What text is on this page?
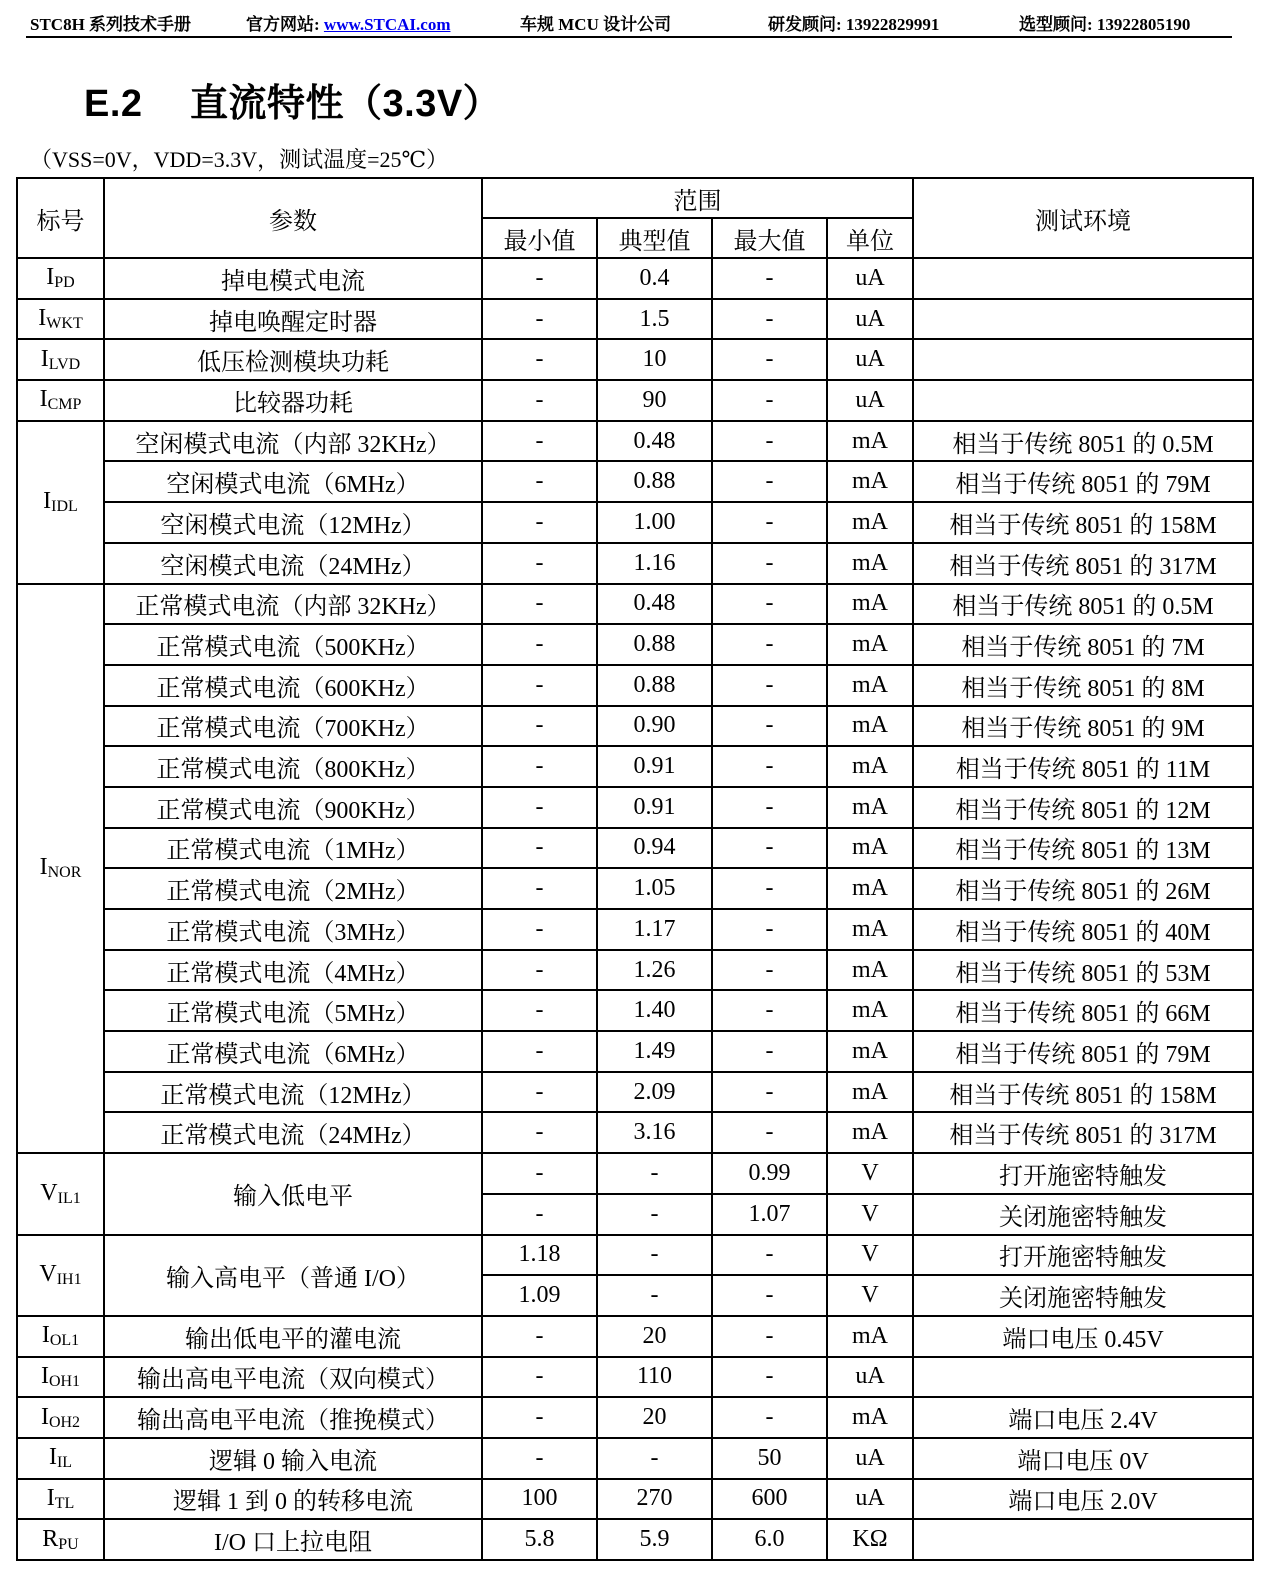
STC8H 系列技术手册	官方网站: www.STCAI.com	车规 MCU 设计公司	研发顾问: 13922829991	选型顾问: 13922805190
E.2 直流特性（3.3V）
（VSS=0V，VDD=3.3V，测试温度=25℃）
标号	参数	范围				测试环境
		最小值	典型值	最大值	单位	
$I_{PD}$	掉电模式电流	-	0.4	-	uA	
$I_{WKT}$	掉电唤醒定时器	-	1.5	-	uA	
$I_{LVD}$	低压检测模块功耗	-	10	-	uA	
$I_{CMP}$	比较器功耗	-	90	-	uA	
$I_{IDL}$	空闲模式电流（内部 32KHz）	-	0.48	-	mA	相当于传统 8051 的 0.5M
	空闲模式电流（6MHz）	-	0.88	-	mA	相当于传统 8051 的 79M
	空闲模式电流（12MHz）	-	1.00	-	mA	相当于传统 8051 的 158M
	空闲模式电流（24MHz）	-	1.16	-	mA	相当于传统 8051 的 317M
$I_{NOR}$	正常模式电流（内部 32KHz）	-	0.48	-	mA	相当于传统 8051 的 0.5M
	正常模式电流（500KHz）	-	0.88	-	mA	相当于传统 8051 的 7M
	正常模式电流（600KHz）	-	0.88	-	mA	相当于传统 8051 的 8M
	正常模式电流（700KHz）	-	0.90	-	mA	相当于传统 8051 的 9M
	正常模式电流（800KHz）	-	0.91	-	mA	相当于传统 8051 的 11M
	正常模式电流（900KHz）	-	0.91	-	mA	相当于传统 8051 的 12M
	正常模式电流（1MHz）	-	0.94	-	mA	相当于传统 8051 的 13M
	正常模式电流（2MHz）	-	1.05	-	mA	相当于传统 8051 的 26M
	正常模式电流（3MHz）	-	1.17	-	mA	相当于传统 8051 的 40M
	正常模式电流（4MHz）	-	1.26	-	mA	相当于传统 8051 的 53M
	正常模式电流（5MHz）	-	1.40	-	mA	相当于传统 8051 的 66M
	正常模式电流（6MHz）	-	1.49	-	mA	相当于传统 8051 的 79M
	正常模式电流（12MHz）	-	2.09	-	mA	相当于传统 8051 的 158M
	正常模式电流（24MHz）	-	3.16	-	mA	相当于传统 8051 的 317M
$V_{IL1}$	输入低电平	-	-	0.99	V	打开施密特触发
		-	-	1.07	V	关闭施密特触发
$V_{IH1}$	输入高电平（普通 I/O）	1.18	-	-	V	打开施密特触发
		1.09	-	-	V	关闭施密特触发
$I_{OL1}$	输出低电平的灌电流	-	20	-	mA	端口电压 0.45V
$I_{OH1}$	输出高电平电流（双向模式）	-	110	-	uA	
$I_{OH2}$	输出高电平电流（推挽模式）	-	20	-	mA	端口电压 2.4V
$I_{IL}$	逻辑 0 输入电流	-	-	50	uA	端口电压 0V
$I_{TL}$	逻辑 1 到 0 的转移电流	100	270	600	uA	端口电压 2.0V
$R_{PU}$	I/O 口上拉电阻	5.8	5.9	6.0	KΩ	
